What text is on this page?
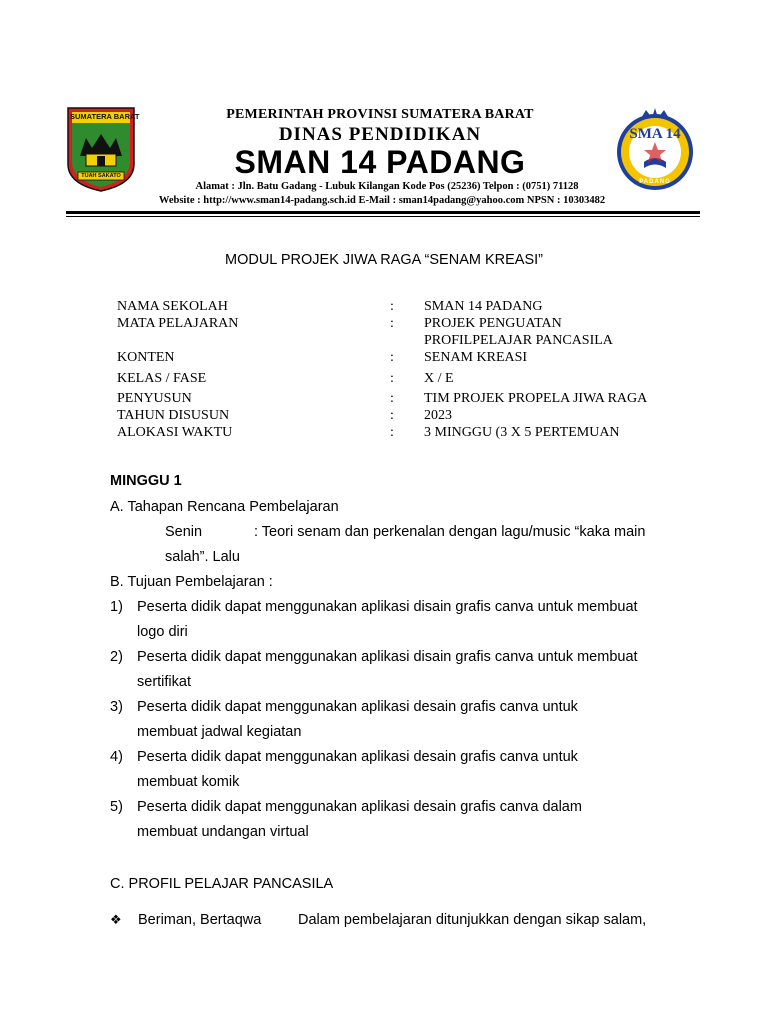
SUMATERA BARAT
TUAH SAKATO
PEMERINTAH PROVINSI SUMATERA BARAT
DINAS PENDIDIKAN
SMAN 14 PADANG
Alamat : Jln. Batu Gadang - Lubuk Kilangan Kode Pos (25236) Telpon : (0751) 71128
Website : http://www.sman14-padang.sch.id E-Mail : sman14padang@yahoo.com NPSN : 10303482
SMA 14
PADANG
MODUL PROJEK JIWA RAGA “SENAM KREASI”
NAMA SEKOLAH	: SMAN 14 PADANG
MATA PELAJARAN	: PROJEK PENGUATAN
PROFILPELAJAR PANCASILA
KONTEN	: SENAM KREASI
KELAS / FASE	: X / E
PENYUSUN	: TIM PROJEK PROPELA JIWA RAGA
TAHUN DISUSUN	: 2023
ALOKASI WAKTU	: 3 MINGGU (3 X 5 PERTEMUAN
MINGGU 1
A. Tahapan Rencana Pembelajaran
Senin	: Teori senam dan perkenalan dengan lagu/music “kaka main
salah”. Lalu
B. Tujuan Pembelajaran :
1) Peserta didik dapat menggunakan aplikasi disain grafis canva untuk membuat
logo diri
2) Peserta didik dapat menggunakan aplikasi disain grafis canva untuk membuat
sertifikat
3) Peserta didik dapat menggunakan aplikasi desain grafis canva untuk
membuat jadwal kegiatan
4) Peserta didik dapat menggunakan aplikasi desain grafis canva untuk
membuat komik
5) Peserta didik dapat menggunakan aplikasi desain grafis canva dalam
membuat undangan virtual
C. PROFIL PELAJAR PANCASILA
❖ Beriman, Bertaqwa	Dalam pembelajaran ditunjukkan dengan sikap salam,
